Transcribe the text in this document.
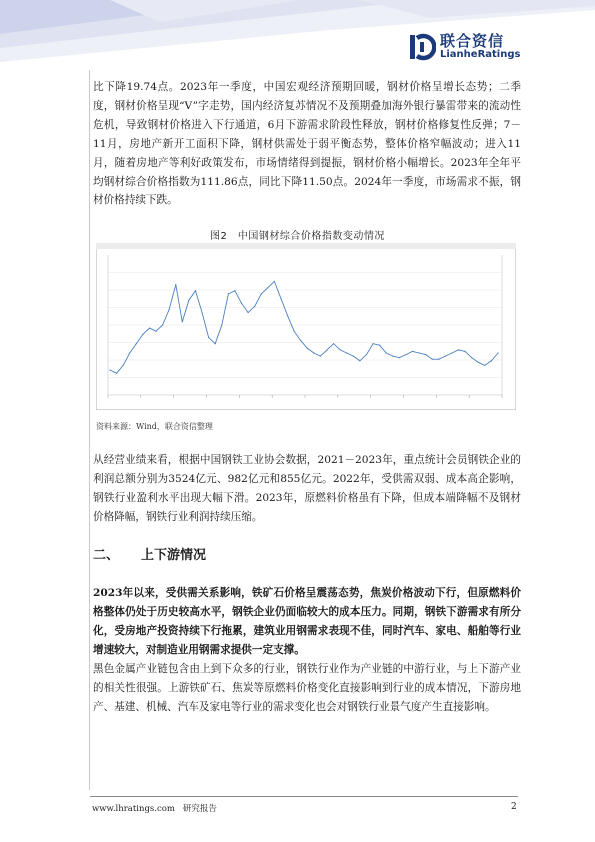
联合资信
LianheRatings

比下降19.74点。2023年一季度，中国宏观经济预期回暖，钢材价格呈增长态势；二季度，钢材价格呈现“V”字走势，国内经济复苏情况不及预期叠加海外银行暴雷带来的流动性危机，导致钢材价格进入下行通道，6月下游需求阶段性释放，钢材价格修复性反弹；7－11月，房地产新开工面积下降，钢材供需处于弱平衡态势，整体价格窄幅波动；进入11月，随着房地产等利好政策发布，市场情绪得到提振，钢材价格小幅增长。2023年全年平均钢材综合价格指数为111.86点，同比下降11.50点。2024年一季度，市场需求不振，钢材价格持续下跌。

图2　中国钢材综合价格指数变动情况
资料来源：Wind，联合资信整理

从经营业绩来看，根据中国钢铁工业协会数据，2021－2023年，重点统计会员钢铁企业的利润总额分别为3524亿元、982亿元和855亿元。2022年，受供需双弱、成本高企影响，钢铁行业盈利水平出现大幅下滑。2023年，原燃料价格虽有下降，但成本端降幅不及钢材价格降幅，钢铁行业利润持续压缩。

二、 上下游情况

2023年以来，受供需关系影响，铁矿石价格呈震荡态势，焦炭价格波动下行，但原燃料价格整体仍处于历史较高水平，钢铁企业仍面临较大的成本压力。同期，钢铁下游需求有所分化，受房地产投资持续下行拖累，建筑业用钢需求表现不佳，同时汽车、家电、船舶等行业增速较大，对制造业用钢需求提供一定支撑。

黑色金属产业链包含由上到下众多的行业，钢铁行业作为产业链的中游行业，与上下游产业的相关性很强。上游铁矿石、焦炭等原燃料价格变化直接影响到行业的成本情况，下游房地产、基建、机械、汽车及家电等行业的需求变化也会对钢铁行业景气度产生直接影响。

www.lhratings.com 研究报告	2
